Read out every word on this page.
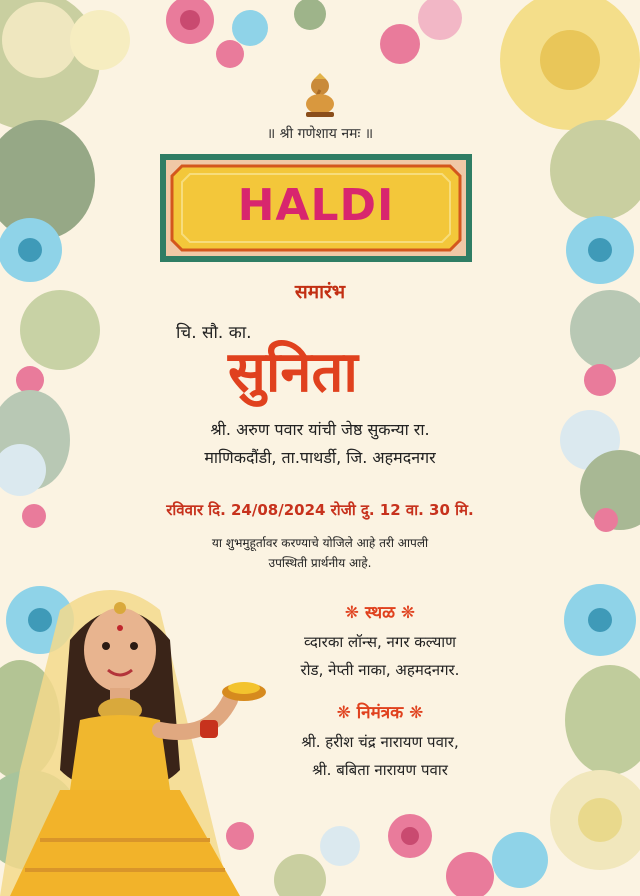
॥ श्री गणेशाय नमः ॥
HALDI
समारंभ
चि. सौ. का.
सुनिता
श्री. अरुण पवार यांची जेष्ठ सुकन्या रा.
माणिकदौंडी, ता.पाथर्डी, जि. अहमदनगर
रविवार दि. 24/08/2024 रोजी दु. 12 वा. 30 मि.
या शुभमुहूर्तावर करण्याचे योजिले आहे तरी आपली
उपस्थिती प्रार्थनीय आहे.
❋ स्थळ ❋
व्दारका लॉन्स, नगर कल्याण
रोड, नेप्ती नाका, अहमदनगर.
❋ निमंत्रक ❋
श्री. हरीश चंद्र नारायण पवार,
श्री. बबिता नारायण पवार
